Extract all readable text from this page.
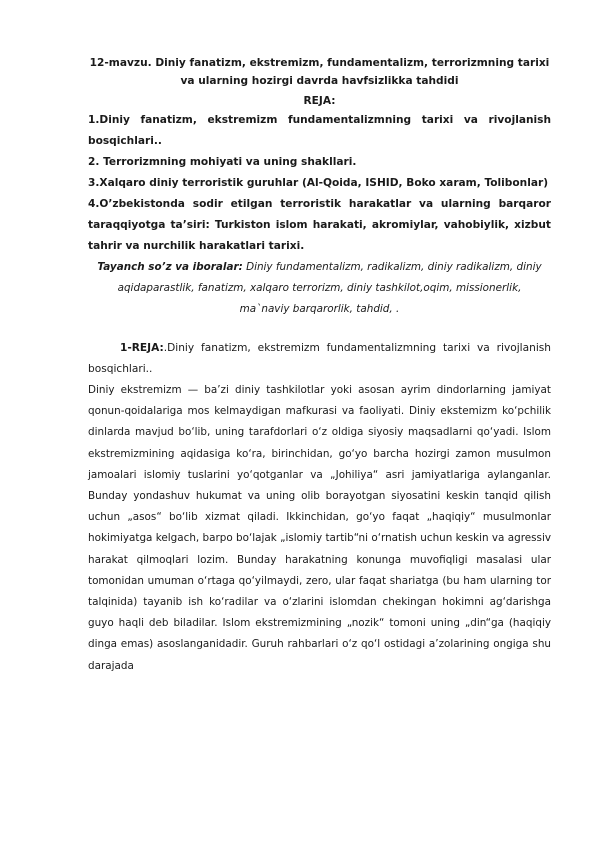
12-mavzu. Diniy fanatizm, ekstremizm, fundamentalizm, terrorizmning tarixi
va ularning hozirgi davrda havfsizlikka tahdidi

REJA:

1.Diniy fanatizm, ekstremizm fundamentalizmning tarixi va rivojlanish bosqichlari..

2. Terrorizmning mohiyati va uning shakllari.

3.Xalqaro diniy terroristik guruhlar (Al-Qoida, ISHID, Boko xaram, Tolibonlar)

4.O’zbekistonda sodir etilgan terroristik harakatlar va ularning barqaror taraqqiyotga ta’siri: Turkiston islom harakati, akromiylar, vahobiylik, xizbut tahrir va nurchilik harakatlari tarixi.

Tayanch so’z va iboralar: Diniy fundamentalizm, radikalizm, diniy radikalizm, diniy aqidaparastlik, fanatizm, xalqaro terrorizm, diniy tashkilot,oqim, missionerlik, ma`naviy barqarorlik, tahdid, .

1-REJA:.Diniy fanatizm, ekstremizm fundamentalizmning tarixi va rivojlanish bosqichlari..

Diniy ekstremizm — ba’zi diniy tashkilotlar yoki asosan ayrim dindorlarning jamiyat qonun-qoidalariga mos kelmaydigan mafkurasi va faoliyati. Diniy ekstemizm ko‘pchilik dinlarda mavjud bo‘lib, uning tarafdorlari o‘z oldiga siyosiy maqsadlarni qo‘yadi. Islom ekstremizmining aqidasiga ko‘ra, birinchidan, go‘yo barcha hozirgi zamon musulmon jamoalari islomiy tuslarini yo‘qotganlar va „Johiliya“ asri jamiyatlariga aylanganlar. Bunday yondashuv hukumat va uning olib borayotgan siyosatini keskin tanqid qilish uchun „asos“ bo‘lib xizmat qiladi. Ikkinchidan, go‘yo faqat „haqiqiy“ musulmonlar hokimiyatga kelgach, barpo bo‘lajak „islomiy tartib“ni o‘rnatish uchun keskin va agressiv harakat qilmoqlari lozim. Bunday harakatning konunga muvofiqligi masalasi ular tomonidan umuman o‘rtaga qo‘yilmaydi, zero, ular faqat shariatga (bu ham ularning tor talqinida) tayanib ish ko‘radilar va o‘zlarini islomdan chekingan hokimni ag‘darishga guyo haqli deb biladilar. Islom ekstremizmining „nozik“ tomoni uning „din“ga (haqiqiy dinga emas) asoslanganidadir. Guruh rahbarlari o‘z qo‘l ostidagi a’zolarining ongiga shu darajada
